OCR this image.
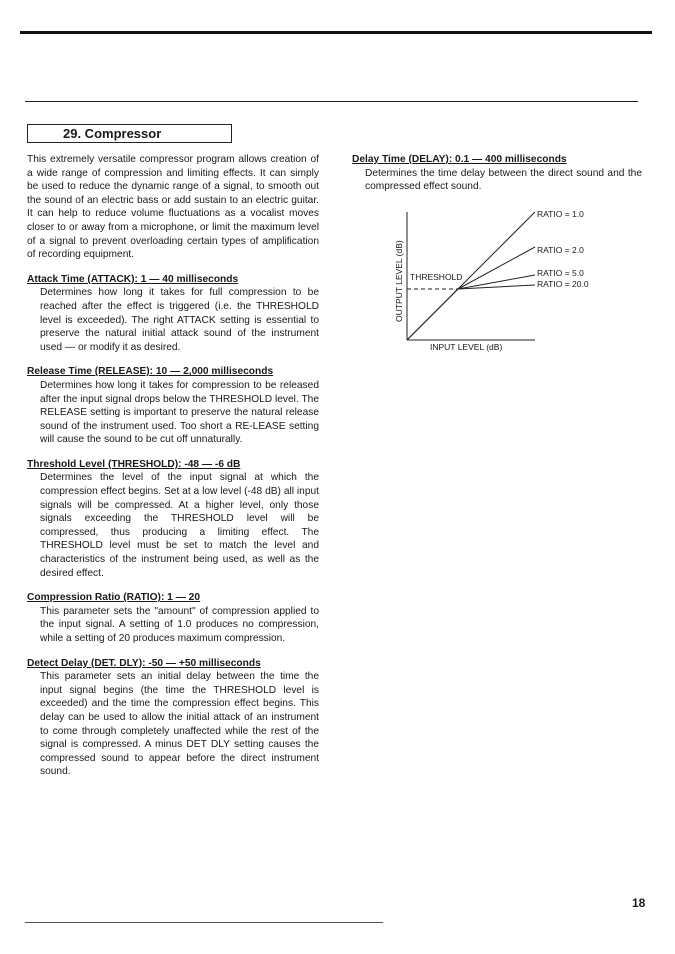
29. Compressor

This extremely versatile compressor program allows creation of a wide range of compression and limiting effects. It can simply be used to reduce the dynamic range of a signal, to smooth out the sound of an electric bass or add sustain to an electric guitar. It can help to reduce volume fluctuations as a vocalist moves closer to or away from a microphone, or limit the maximum level of a signal to prevent overloading certain types of amplification of recording equipment.

Attack Time (ATTACK): 1 — 40 milliseconds

Determines how long it takes for full compression to be reached after the effect is triggered (i.e. the THRESHOLD level is exceeded). The right ATTACK setting is essential to preserve the natural initial attack sound of the instrument used — or modify it as desired.

Release Time (RELEASE): 10 — 2,000 milliseconds

Determines how long it takes for compression to be released after the input signal drops below the THRESHOLD level. The RELEASE setting is important to preserve the natural release sound of the instrument used. Too short a RE-LEASE setting will cause the sound to be cut off unnaturally.

Threshold Level (THRESHOLD): -48 — -6 dB

Determines the level of the input signal at which the compression effect begins. Set at a low level (-48 dB) all input signals will be compressed. At a higher level, only those signals exceeding the THRESHOLD level will be compressed, thus producing a limiting effect. The THRESHOLD level must be set to match the level and characteristics of the instrument being used, as well as the desired effect.

Compression Ratio (RATIO): 1 — 20

This parameter sets the "amount" of compression applied to the input signal. A setting of 1.0 produces no compression, while a setting of 20 produces maximum compression.

Detect Delay (DET. DLY): -50 — +50 milliseconds

This parameter sets an initial delay between the time the input signal begins (the time the THRESHOLD level is exceeded) and the time the compression effect begins. This delay can be used to allow the initial attack of an instrument to come through completely unaffected while the rest of the signal is compressed. A minus DET DLY setting causes the compressed sound to appear before the direct instrument sound.

Delay Time (DELAY): 0.1 — 400 milliseconds

Determines the time delay between the direct sound and the compressed effect sound.

THRESHOLD
RATIO = 1.0
RATIO = 2.0
RATIO = 5.0
RATIO = 20.0
INPUT LEVEL (dB)
OUTPUT LEVEL (dB)
18
